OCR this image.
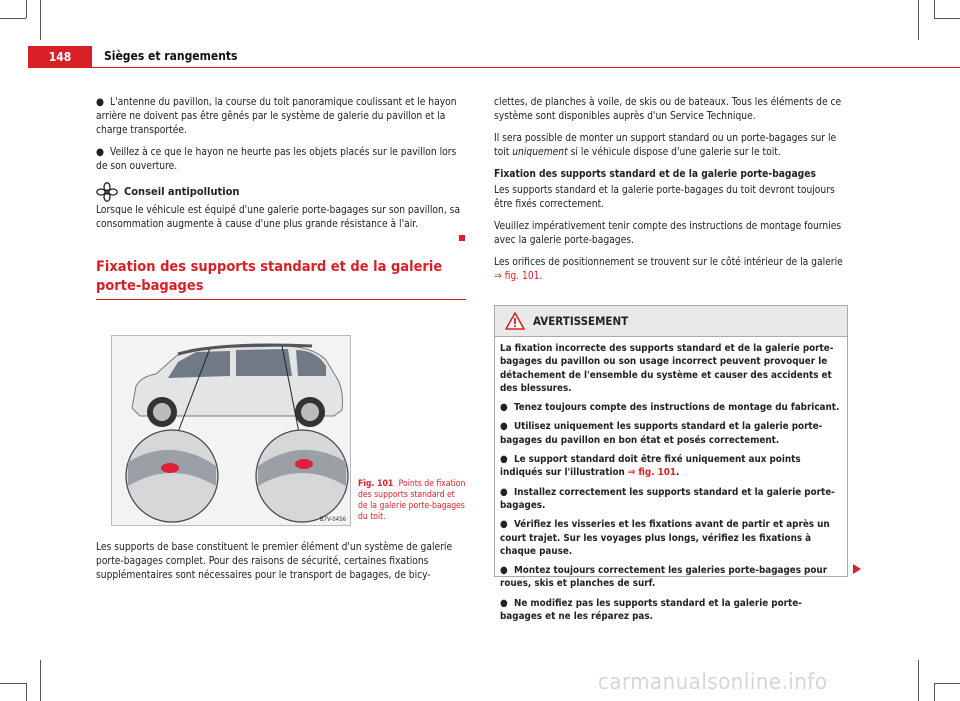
148	Sièges et rangements

● L'antenne du pavillon, la course du toit panoramique coulissant et le hayon arrière ne doivent pas être gênés par le système de galerie du pavillon et la charge transportée.

● Veillez à ce que le hayon ne heurte pas les objets placés sur le pavillon lors de son ouverture.

Conseil antipollution

Lorsque le véhicule est équipé d'une galerie porte-bagages sur son pavillon, sa consommation augmente à cause d'une plus grande résistance à l'air.

Fixation des supports standard et de la galerie porte-bagages
B7V-0456
Fig. 101 Points de fixation des supports standard et de la galerie porte-bagages du toit.
Les supports de base constituent le premier élément d'un système de galerie porte-bagages complet. Pour des raisons de sécurité, certaines fixations supplémentaires sont nécessaires pour le transport de bagages, de bicy-

clettes, de planches à voile, de skis ou de bateaux. Tous les éléments de ce système sont disponibles auprès d'un Service Technique.

Il sera possible de monter un support standard ou un porte-bagages sur le toit uniquement si le véhicule dispose d'une galerie sur le toit.

Fixation des supports standard et de la galerie porte-bagages

Les supports standard et la galerie porte-bagages du toit devront toujours être fixés correctement.

Veuillez impérativement tenir compte des instructions de montage fournies avec la galerie porte-bagages.

Les orifices de positionnement se trouvent sur le côté intérieur de la galerie
⇒ fig. 101.

AVERTISSEMENT

La fixation incorrecte des supports standard et de la galerie porte-bagages du pavillon ou son usage incorrect peuvent provoquer le détachement de l'ensemble du système et causer des accidents et des blessures.

● Tenez toujours compte des instructions de montage du fabricant.

● Utilisez uniquement les supports standard et la galerie porte-bagages du pavillon en bon état et posés correctement.

● Le support standard doit être fixé uniquement aux points indiqués sur l'illustration ⇒ fig. 101.

● Installez correctement les supports standard et la galerie porte-bagages.

● Vérifiez les visseries et les fixations avant de partir et après un court trajet. Sur les voyages plus longs, vérifiez les fixations à chaque pause.

● Montez toujours correctement les galeries porte-bagages pour roues, skis et planches de surf.

● Ne modifiez pas les supports standard et la galerie porte-bagages et ne les réparez pas.

carmanualsonline.info
